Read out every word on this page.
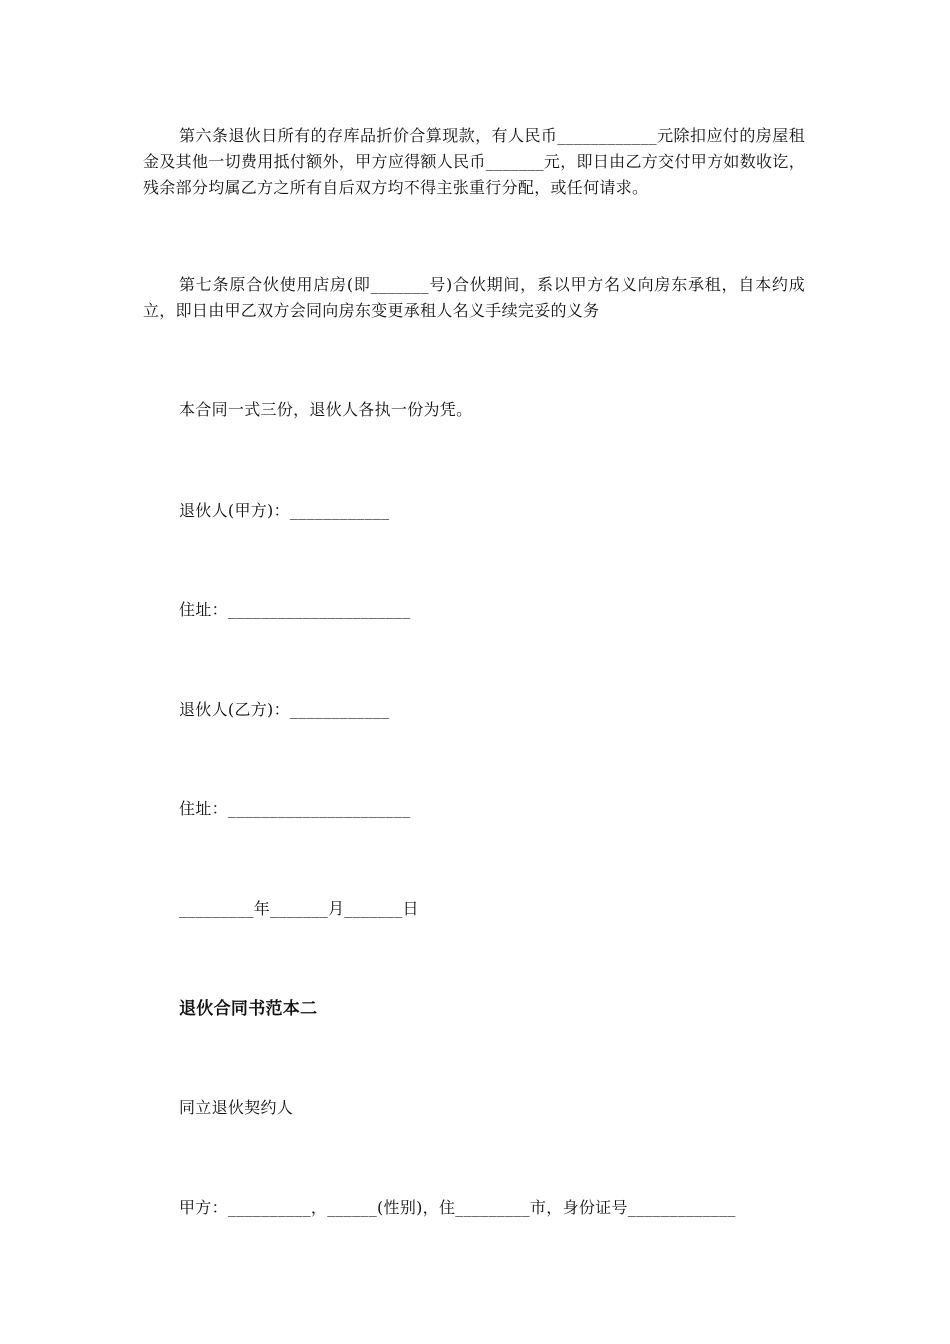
第六条退伙日所有的存库品折价合算现款，有人民币____________元除扣应付的房屋租金及其他一切费用抵付额外，甲方应得额人民币_______元，即日由乙方交付甲方如数收讫，残余部分均属乙方之所有自后双方均不得主张重行分配，或任何请求。

第七条原合伙使用店房(即_______号)合伙期间，系以甲方名义向房东承租，自本约成立，即日由甲乙双方会同向房东变更承租人名义手续完妥的义务

本合同一式三份，退伙人各执一份为凭。

退伙人(甲方)：____________

住址：______________________

退伙人(乙方)：____________

住址：______________________

_________年_______月_______日

退伙合同书范本二

同立退伙契约人

甲方：__________，______(性别)，住_________市，身份证号_____________
